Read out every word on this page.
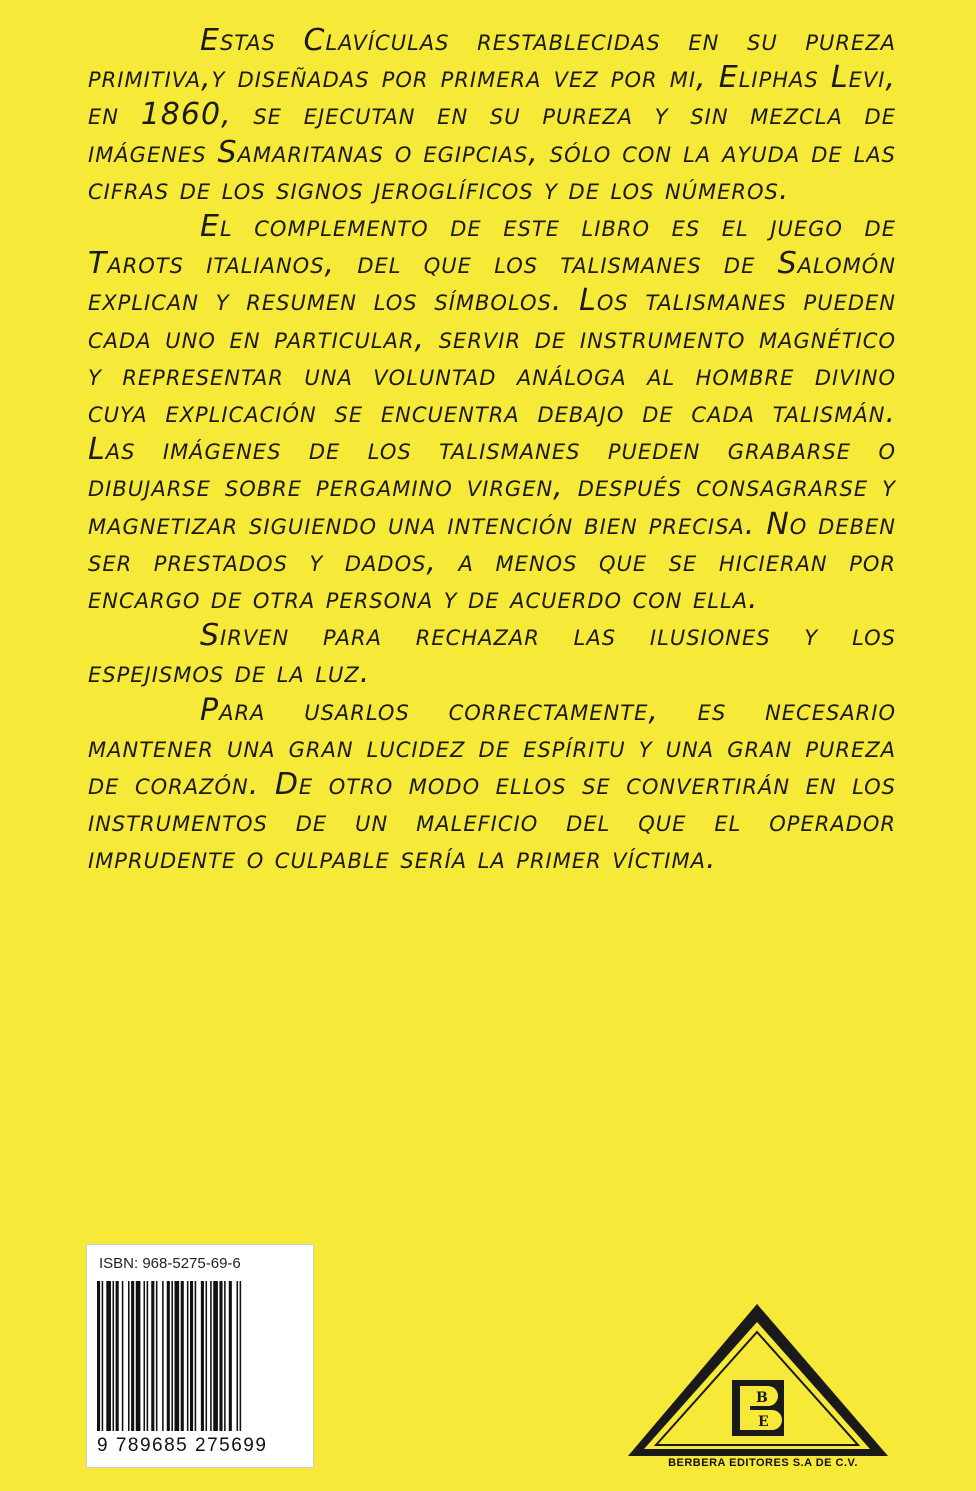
Estas Clavículas restablecidas en su pureza primitiva,y diseñadas por primera vez por mi, Eliphas Levi, en 1860, se ejecutan en su pureza y sin mezcla de imágenes Samaritanas o egipcias, sólo con la ayuda de las cifras de los signos jeroglíficos y de los números.

El complemento de este libro es el juego de Tarots italianos, del que los talismanes de Salomón explican y resumen los símbolos. Los talismanes pueden cada uno en particular, servir de instrumento magnético y representar una voluntad análoga al hombre divino cuya explicación se encuentra debajo de cada talismán. Las imágenes de los talismanes pueden grabarse o dibujarse sobre pergamino virgen, después consagrarse y magnetizar siguiendo una intención bien precisa. No deben ser prestados y dados, a menos que se hicieran por encargo de otra persona y de acuerdo con ella.

Sirven para rechazar las ilusiones y los espejismos de la luz.

Para usarlos correctamente, es necesario mantener una gran lucidez de espíritu y una gran pureza de corazón. De otro modo ellos se convertirán en los instrumentos de un maleficio del que el operador imprudente o culpable sería la primer víctima.

ISBN: 968-5275-69-6
9 789685 275699
B
E
BERBERA EDITORES S.A DE C.V.
